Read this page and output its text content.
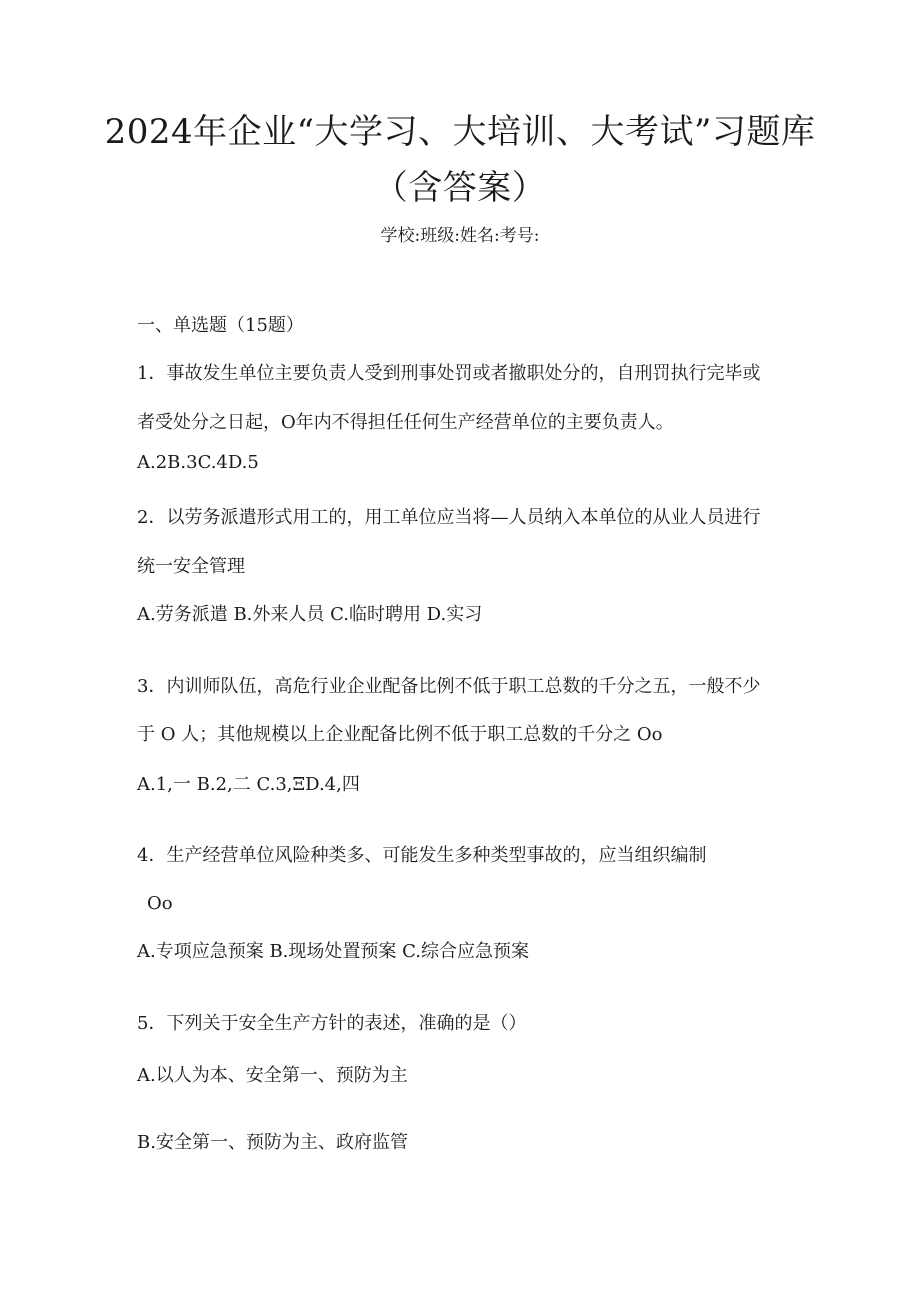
2024年企业“大学习、大培训、大考试”习题库（含答案）

学校:班级:姓名:考号:

一、单选题（15题）

1．事故发生单位主要负责人受到刑事处罚或者撤职处分的，自刑罚执行完毕或

者受处分之日起，O年内不得担任任何生产经营单位的主要负责人。

A.2B.3C.4D.5

2．以劳务派遣形式用工的，用工单位应当将—人员纳入本单位的从业人员进行

统一安全管理

A.劳务派遣 B.外来人员 C.临时聘用 D.实习

3．内训师队伍，高危行业企业配备比例不低于职工总数的千分之五，一般不少

于 O 人；其他规模以上企业配备比例不低于职工总数的千分之 Oo

A.1,一 B.2,二 C.3,ΞD.4,四

4．生产经营单位风险种类多、可能发生多种类型事故的，应当组织编制

Oo

A.专项应急预案 B.现场处置预案 C.综合应急预案

5．下列关于安全生产方针的表述，准确的是（）

A.以人为本、安全第一、预防为主

B.安全第一、预防为主、政府监管
